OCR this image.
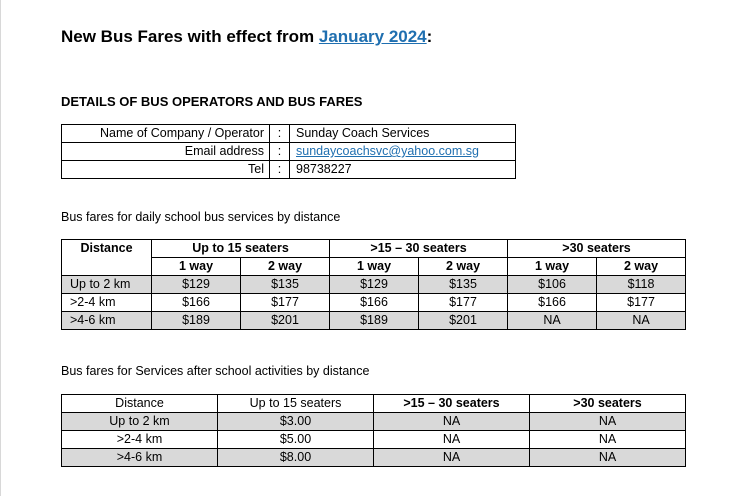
New Bus Fares with effect from January 2024:
DETAILS OF BUS OPERATORS AND BUS FARES
Name of Company / Operator	:	Sunday Coach Services
Email address	:	sundaycoachsvc@yahoo.com.sg
Tel	:	98738227
Bus fares for daily school bus services by distance
Distance	Up to 15 seaters		>15 – 30 seaters		>30 seaters	
	1 way	2 way	1 way	2 way	1 way	2 way
Up to 2 km	$129	$135	$129	$135	$106	$118
>2-4 km	$166	$177	$166	$177	$166	$177
>4-6 km	$189	$201	$189	$201	NA	NA
Bus fares for Services after school activities by distance
Distance	Up to 15 seaters	>15 – 30 seaters	>30 seaters
Up to 2 km	$3.00	NA	NA
>2-4 km	$5.00	NA	NA
>4-6 km	$8.00	NA	NA
